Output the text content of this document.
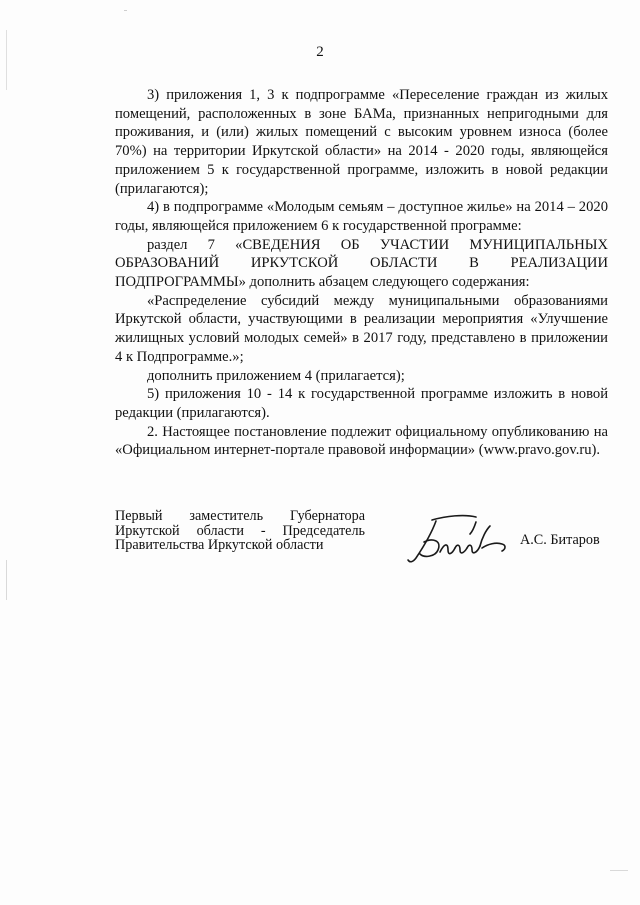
2

3) приложения 1, 3 к подпрограмме «Переселение граждан из жилых помещений, расположенных в зоне БАМа, признанных непригодными для проживания, и (или) жилых помещений с высоким уровнем износа (более 70%) на территории Иркутской области» на 2014 - 2020 годы, являющейся приложением 5 к государственной программе, изложить в новой редакции (прилагаются);

4) в подпрограмме «Молодым семьям – доступное жилье» на 2014 – 2020 годы, являющейся приложением 6 к государственной программе:

раздел 7 «СВЕДЕНИЯ ОБ УЧАСТИИ МУНИЦИПАЛЬНЫХ ОБРАЗОВАНИЙ ИРКУТСКОЙ ОБЛАСТИ В РЕАЛИЗАЦИИ ПОДПРОГРАММЫ» дополнить абзацем следующего содержания:

«Распределение субсидий между муниципальными образованиями Иркутской области, участвующими в реализации мероприятия «Улучшение жилищных условий молодых семей» в 2017 году, представлено в приложении 4 к Подпрограмме.»;

дополнить приложением 4 (прилагается);

5) приложения 10 - 14 к государственной программе изложить в новой редакции (прилагаются).

2. Настоящее постановление подлежит официальному опубликованию на «Официальном интернет-портале правовой информации» (www.pravo.gov.ru).

Первый заместитель Губернатора
Иркутской области - Председатель
Правительства Иркутской области	А.С. Битаров
